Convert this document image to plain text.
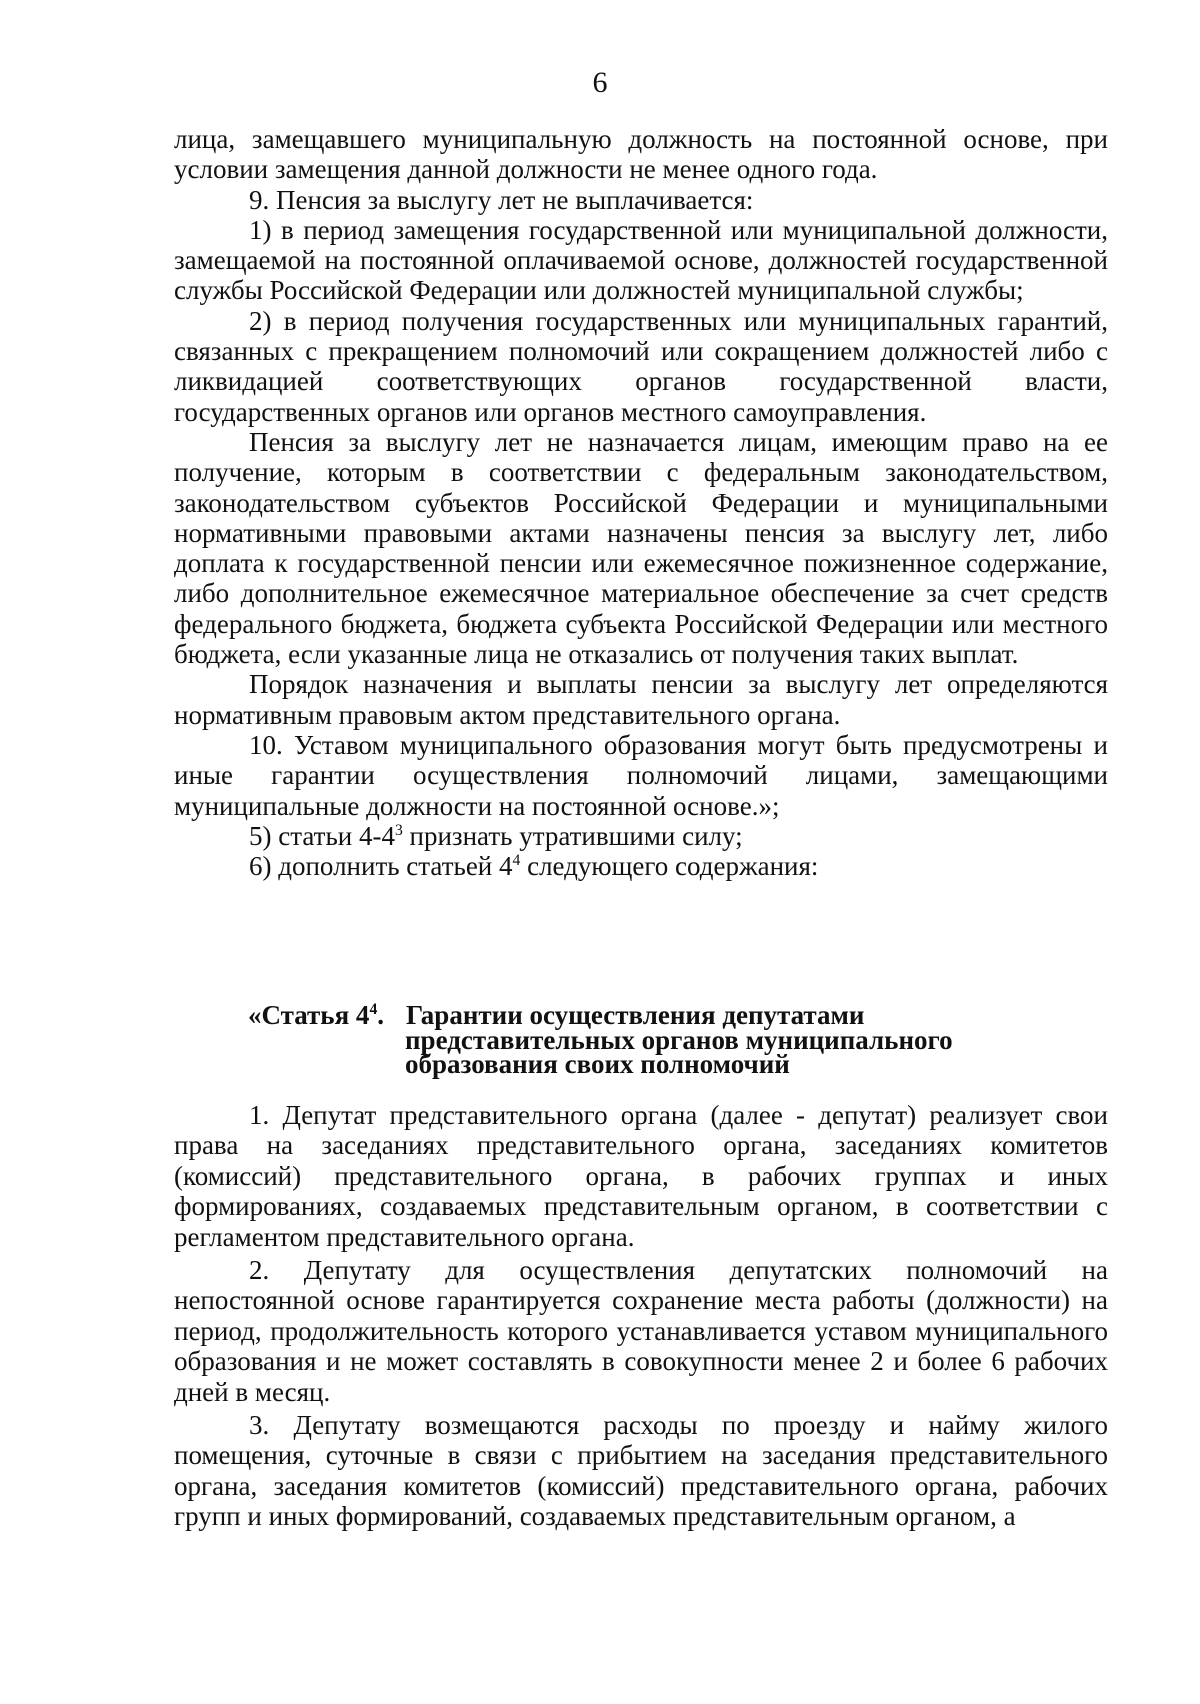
6

лица, замещавшего муниципальную должность на постоянной основе, при условии замещения данной должности не менее одного года.

9. Пенсия за выслугу лет не выплачивается:

1) в период замещения государственной или муниципальной должности, замещаемой на постоянной оплачиваемой основе, должностей государственной службы Российской Федерации или должностей муниципальной службы;

2) в период получения государственных или муниципальных гарантий, связанных с прекращением полномочий или сокращением должностей либо с ликвидацией соответствующих органов государственной власти, государственных органов или органов местного самоуправления.

Пенсия за выслугу лет не назначается лицам, имеющим право на ее получение, которым в соответствии с федеральным законодательством, законодательством субъектов Российской Федерации и муниципальными нормативными правовыми актами назначены пенсия за выслугу лет, либо доплата к государственной пенсии или ежемесячное пожизненное содержание, либо дополнительное ежемесячное материальное обеспечение за счет средств федерального бюджета, бюджета субъекта Российской Федерации или местного бюджета, если указанные лица не отказались от получения таких выплат.

Порядок назначения и выплаты пенсии за выслугу лет определяются нормативным правовым актом представительного органа.

10. Уставом муниципального образования могут быть предусмотрены и иные гарантии осуществления полномочий лицами, замещающими муниципальные должности на постоянной основе.»;

5) статьи $4-4^3$ признать утратившими силу;

6) дополнить статьей $4^4$ следующего содержания:

«Статья $4^4$. Гарантии осуществления депутатами
представительных органов муниципального
образования своих полномочий

1. Депутат представительного органа (далее - депутат) реализует свои права на заседаниях представительного органа, заседаниях комитетов (комиссий) представительного органа, в рабочих группах и иных формированиях, создаваемых представительным органом, в соответствии с регламентом представительного органа.

2. Депутату для осуществления депутатских полномочий на непостоянной основе гарантируется сохранение места работы (должности) на период, продолжительность которого устанавливается уставом муниципального образования и не может составлять в совокупности менее 2 и более 6 рабочих дней в месяц.

3. Депутату возмещаются расходы по проезду и найму жилого помещения, суточные в связи с прибытием на заседания представительного органа, заседания комитетов (комиссий) представительного органа, рабочих групп и иных формирований, создаваемых представительным органом, а
